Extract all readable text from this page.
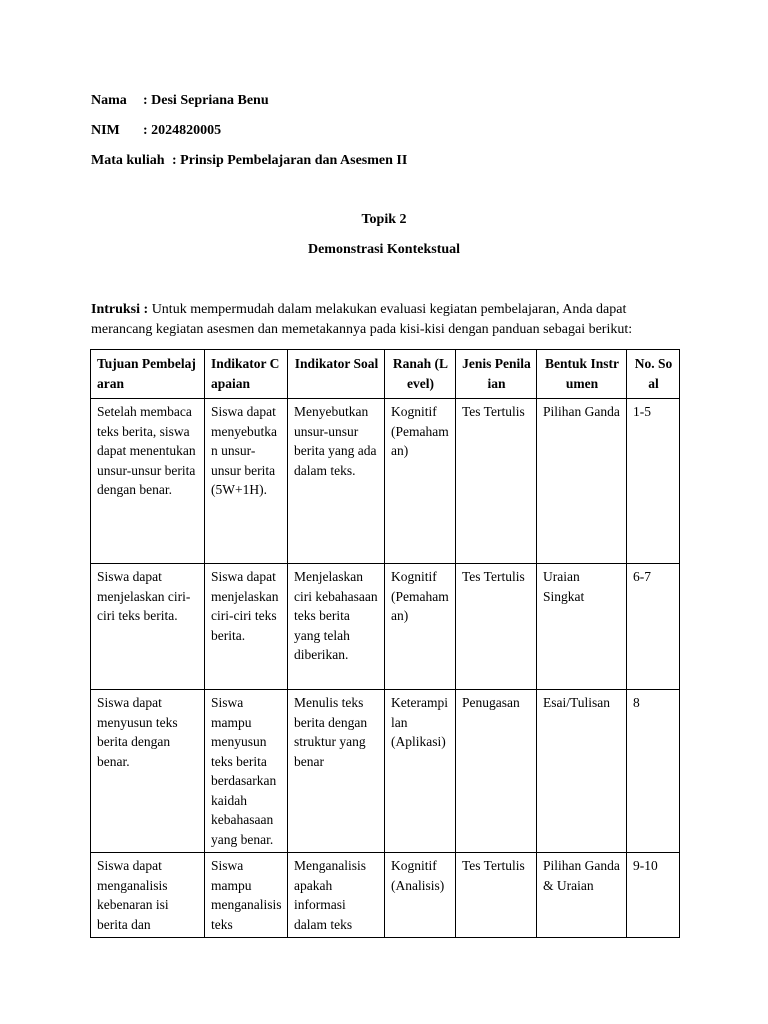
Nama : Desi Sepriana Benu
NIM : 2024820005
Mata kuliah : Prinsip Pembelajaran dan Asesmen II
Topik 2
Demonstrasi Kontekstual
Intruksi : Untuk mempermudah dalam melakukan evaluasi kegiatan pembelajaran, Anda dapat merancang kegiatan asesmen dan memetakannya pada kisi-kisi dengan panduan sebagai berikut:
Tujuan Pembelajaran	Indikator Capaian	Indikator Soal	Ranah (Level)	Jenis Penilaian	Bentuk Instrumen	No. Soal
Setelah membaca teks berita, siswa dapat menentukan unsur-unsur berita dengan benar.	Siswa dapat menyebutkan unsur-unsur berita (5W+1H).	Menyebutkan unsur-unsur berita yang ada dalam teks.	Kognitif (Pemahaman)	Tes Tertulis	Pilihan Ganda	1-5
Siswa dapat menjelaskan ciri-ciri teks berita.	Siswa dapat menjelaskan ciri-ciri teks berita.	Menjelaskan ciri kebahasaan teks berita yang telah diberikan.	Kognitif (Pemahaman)	Tes Tertulis	Uraian Singkat	6-7
Siswa dapat menyusun teks berita dengan benar.	Siswa mampu menyusun teks berita berdasarkan kaidah kebahasaan yang benar.	Menulis teks berita dengan struktur yang benar	Keterampilan (Aplikasi)	Penugasan	Esai/Tulisan	8
Siswa dapat menganalisis kebenaran isi berita dan	Siswa mampu menganalisis teks	Menganalisis apakah informasi dalam teks	Kognitif (Analisis)	Tes Tertulis	Pilihan Ganda & Uraian	9-10
